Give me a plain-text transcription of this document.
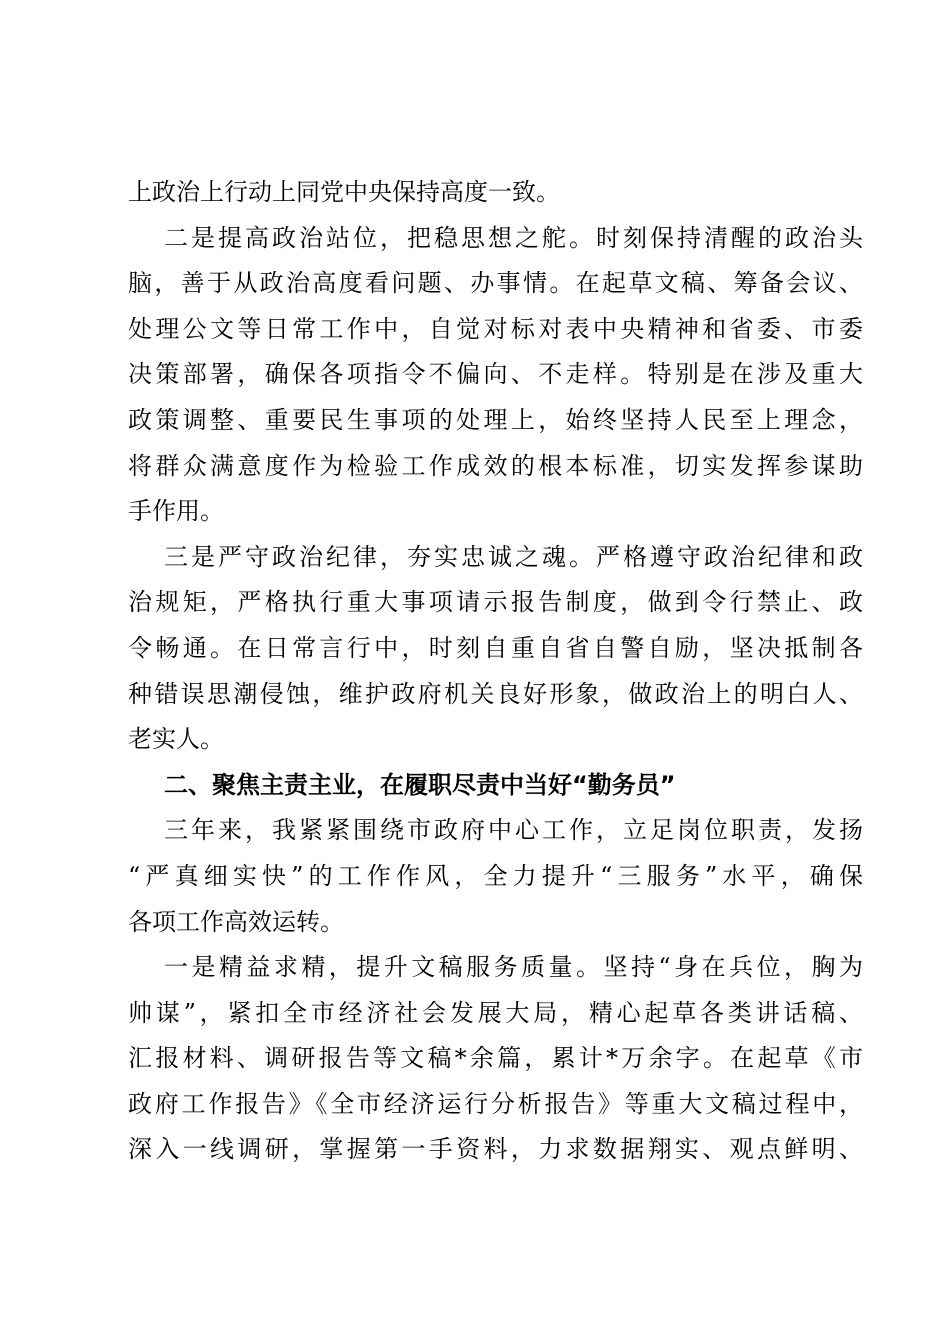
上政治上行动上同党中央保持高度一致。
二是提高政治站位，把稳思想之舵。时刻保持清醒的政治头
脑，善于从政治高度看问题、办事情。在起草文稿、筹备会议、
处理公文等日常工作中，自觉对标对表中央精神和省委、市委
决策部署，确保各项指令不偏向、不走样。特别是在涉及重大
政策调整、重要民生事项的处理上，始终坚持人民至上理念，
将群众满意度作为检验工作成效的根本标准，切实发挥参谋助
手作用。
三是严守政治纪律，夯实忠诚之魂。严格遵守政治纪律和政
治规矩，严格执行重大事项请示报告制度，做到令行禁止、政
令畅通。在日常言行中，时刻自重自省自警自励，坚决抵制各
种错误思潮侵蚀，维护政府机关良好形象，做政治上的明白人、
老实人。
二、聚焦主责主业，在履职尽责中当好“勤务员”
三年来，我紧紧围绕市政府中心工作，立足岗位职责，发扬
“严真细实快”的工作作风，全力提升“三服务”水平，确保
各项工作高效运转。
一是精益求精，提升文稿服务质量。坚持“身在兵位，胸为
帅谋”，紧扣全市经济社会发展大局，精心起草各类讲话稿、
汇报材料、调研报告等文稿*余篇，累计*万余字。在起草《市
政府工作报告》《全市经济运行分析报告》等重大文稿过程中，
深入一线调研，掌握第一手资料，力求数据翔实、观点鲜明、
